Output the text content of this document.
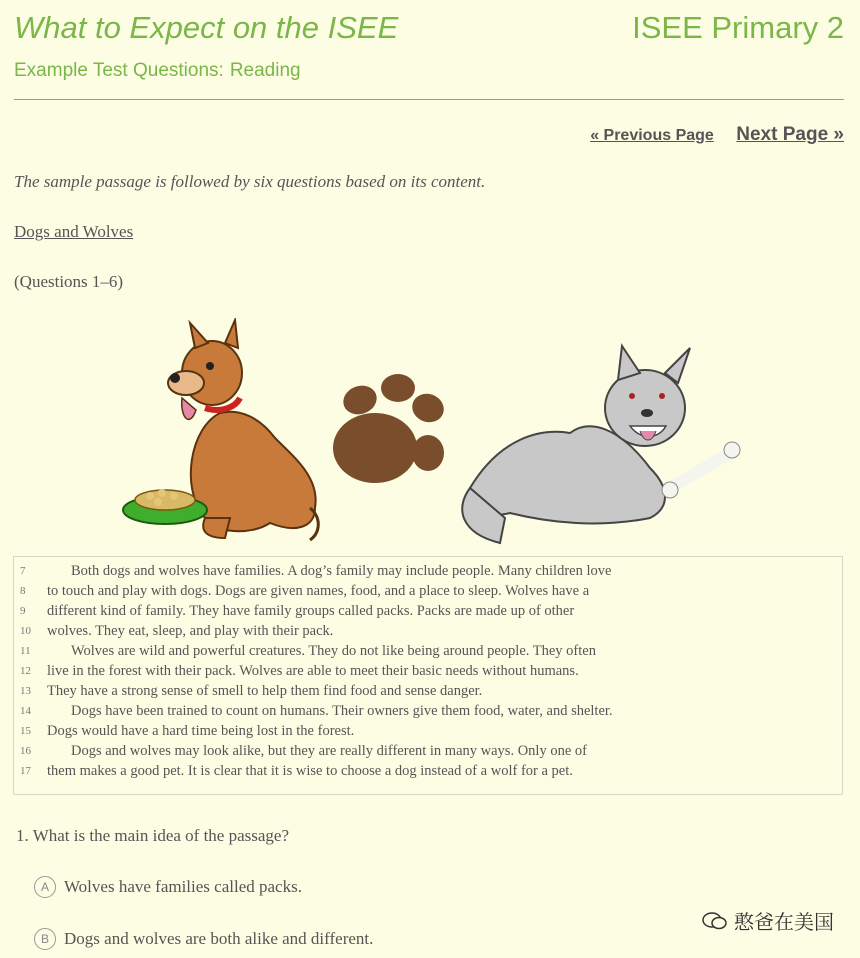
What to Expect on the ISEE	ISEE Primary 2
Example Test Questions: Reading
« Previous Page Next Page »
The sample passage is followed by six questions based on its content.
Dogs and Wolves
(Questions 1–6)
7	Both dogs and wolves have families. A dog’s family may include people. Many children love
8	to touch and play with dogs. Dogs are given names, food, and a place to sleep. Wolves have a
9	different kind of family. They have family groups called packs. Packs are made up of other
10	wolves. They eat, sleep, and play with their pack.
11	Wolves are wild and powerful creatures. They do not like being around people. They often
12	live in the forest with their pack. Wolves are able to meet their basic needs without humans.
13	They have a strong sense of smell to help them find food and sense danger.
14	Dogs have been trained to count on humans. Their owners give them food, water, and shelter.
15	Dogs would have a hard time being lost in the forest.
16	Dogs and wolves may look alike, but they are really different in many ways. Only one of
17	them makes a good pet. It is clear that it is wise to choose a dog instead of a wolf for a pet.
1. What is the main idea of the passage?
A Wolves have families called packs.
B Dogs and wolves are both alike and different.
憨爸在美国
